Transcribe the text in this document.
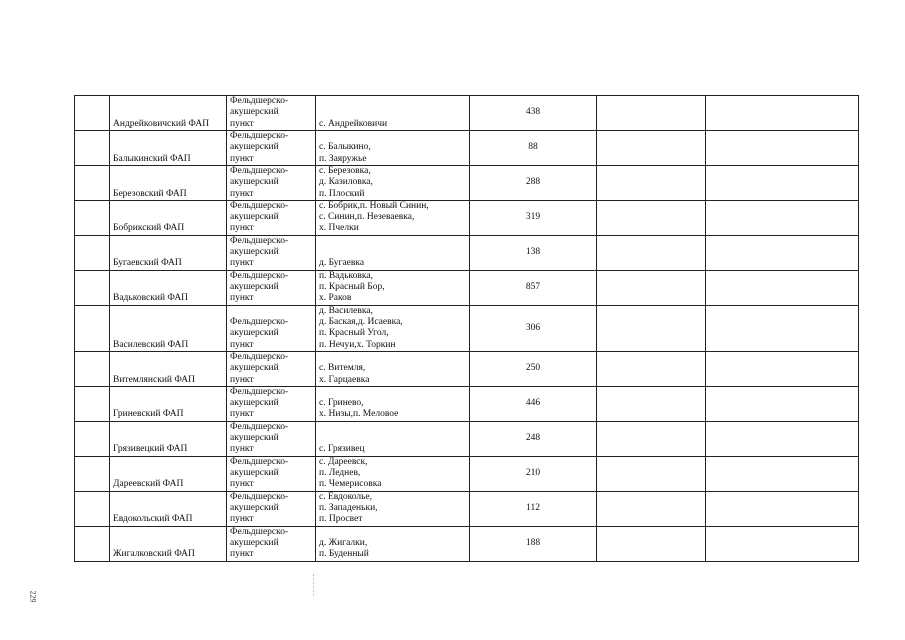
	Андрейковичский ФАП	Фельдшерско-
акушерский
пункт	с. Андрейковичи	438		

	Балыкинский ФАП	Фельдшерско-
акушерский
пункт	с. Балыкино,
п. Заяружье	88		

	Березовский ФАП	Фельдшерско-
акушерский
пункт	с. Березовка,
д. Казиловка,
п. Плоский	288		

	Бобрикский ФАП	Фельдшерско-
акушерский
пункт	с. Бобрик,п. Новый Синин,
с. Синин,п. Незеваевка,
х. Пчелки	319		

	Бугаевский ФАП	Фельдшерско-
акушерский
пункт	д. Бугаевка	138		

	Вадьковский ФАП	Фельдшерско-
акушерский
пункт	п. Вадьковка,
п. Красный Бор,
х. Раков	857		

	Василевский ФАП	Фельдшерско-
акушерский
пункт	д. Василевка,
д. Баская,д. Исаевка,
п. Красный Угол,
п. Нечуи,х. Торкин	306		

	Витемлянский ФАП	Фельдшерско-
акушерский
пункт	с. Витемля,
х. Гарцаевка	250		

	Гриневский ФАП	Фельдшерско-
акушерский
пункт	с. Гринево,
х. Низы,п. Меловое	446		

	Грязивецкий ФАП	Фельдшерско-
акушерский
пункт	с. Грязивец	248		

	Дареевский ФАП	Фельдшерско-
акушерский
пункт	с. Дареевск,
п. Леднев,
п. Чемерисовка	210		

	Евдокольский ФАП	Фельдшерско-
акушерский
пункт	с. Евдоколье,
п. Западеньки,
п. Просвет	112		

	Жигалковский ФАП	Фельдшерско-
акушерский
пункт	д. Жигалки,
п. Буденный	188		
229
